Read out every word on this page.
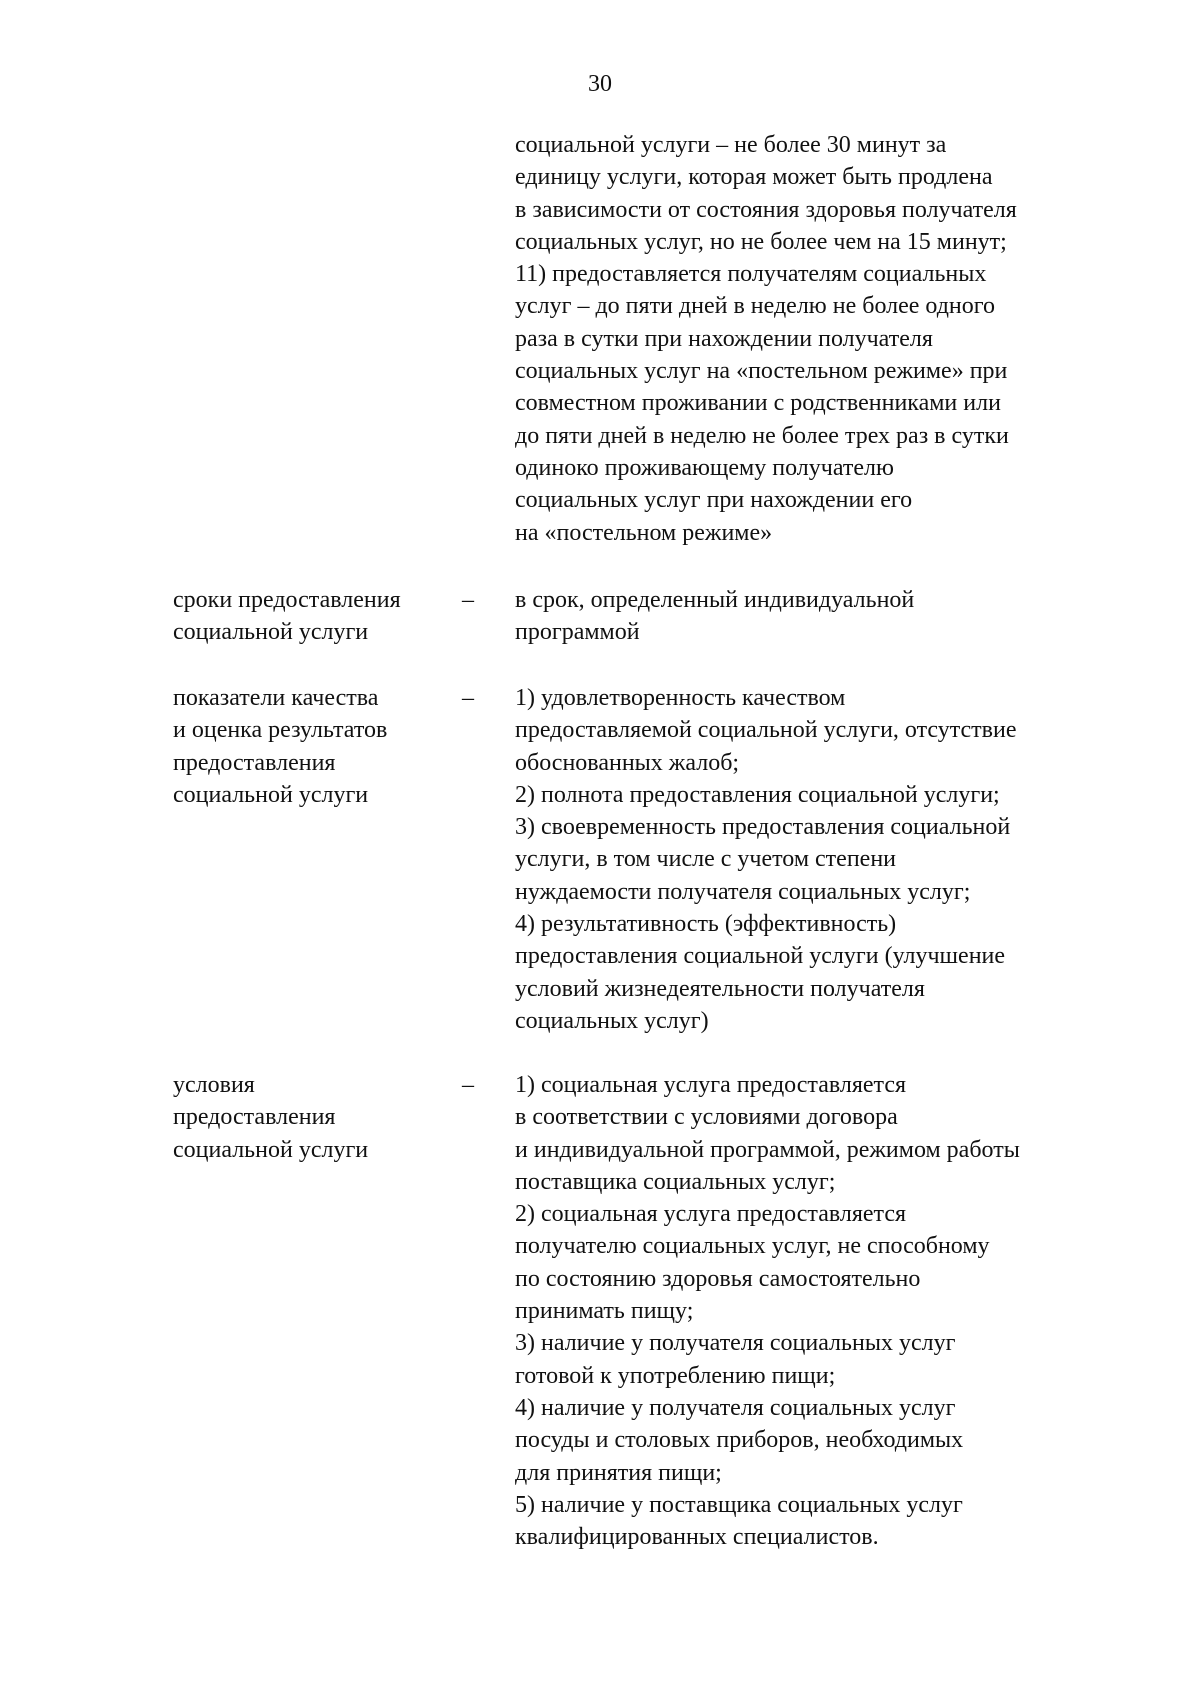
30
социальной услуги – не более 30 минут за
единицу услуги, которая может быть продлена
в зависимости от состояния здоровья получателя
социальных услуг, но не более чем на 15 минут;
11) предоставляется получателям социальных
услуг – до пяти дней в неделю не более одного
раза в сутки при нахождении получателя
социальных услуг на «постельном режиме» при
совместном проживании с родственниками или
до пяти дней в неделю не более трех раз в сутки
одиноко проживающему получателю
социальных услуг при нахождении его
на «постельном режиме»
сроки предоставления
социальной услуги
– в срок, определенный индивидуальной
программой
показатели качества
и оценка результатов
предоставления
социальной услуги
– 1) удовлетворенность качеством
предоставляемой социальной услуги, отсутствие
обоснованных жалоб;
2) полнота предоставления социальной услуги;
3) своевременность предоставления социальной
услуги, в том числе с учетом степени
нуждаемости получателя социальных услуг;
4) результативность (эффективность)
предоставления социальной услуги (улучшение
условий жизнедеятельности получателя
социальных услуг)
условия
предоставления
социальной услуги
– 1) социальная услуга предоставляется
в соответствии с условиями договора
и индивидуальной программой, режимом работы
поставщика социальных услуг;
2) социальная услуга предоставляется
получателю социальных услуг, не способному
по состоянию здоровья самостоятельно
принимать пищу;
3) наличие у получателя социальных услуг
готовой к употреблению пищи;
4) наличие у получателя социальных услуг
посуды и столовых приборов, необходимых
для принятия пищи;
5) наличие у поставщика социальных услуг
квалифицированных специалистов.
